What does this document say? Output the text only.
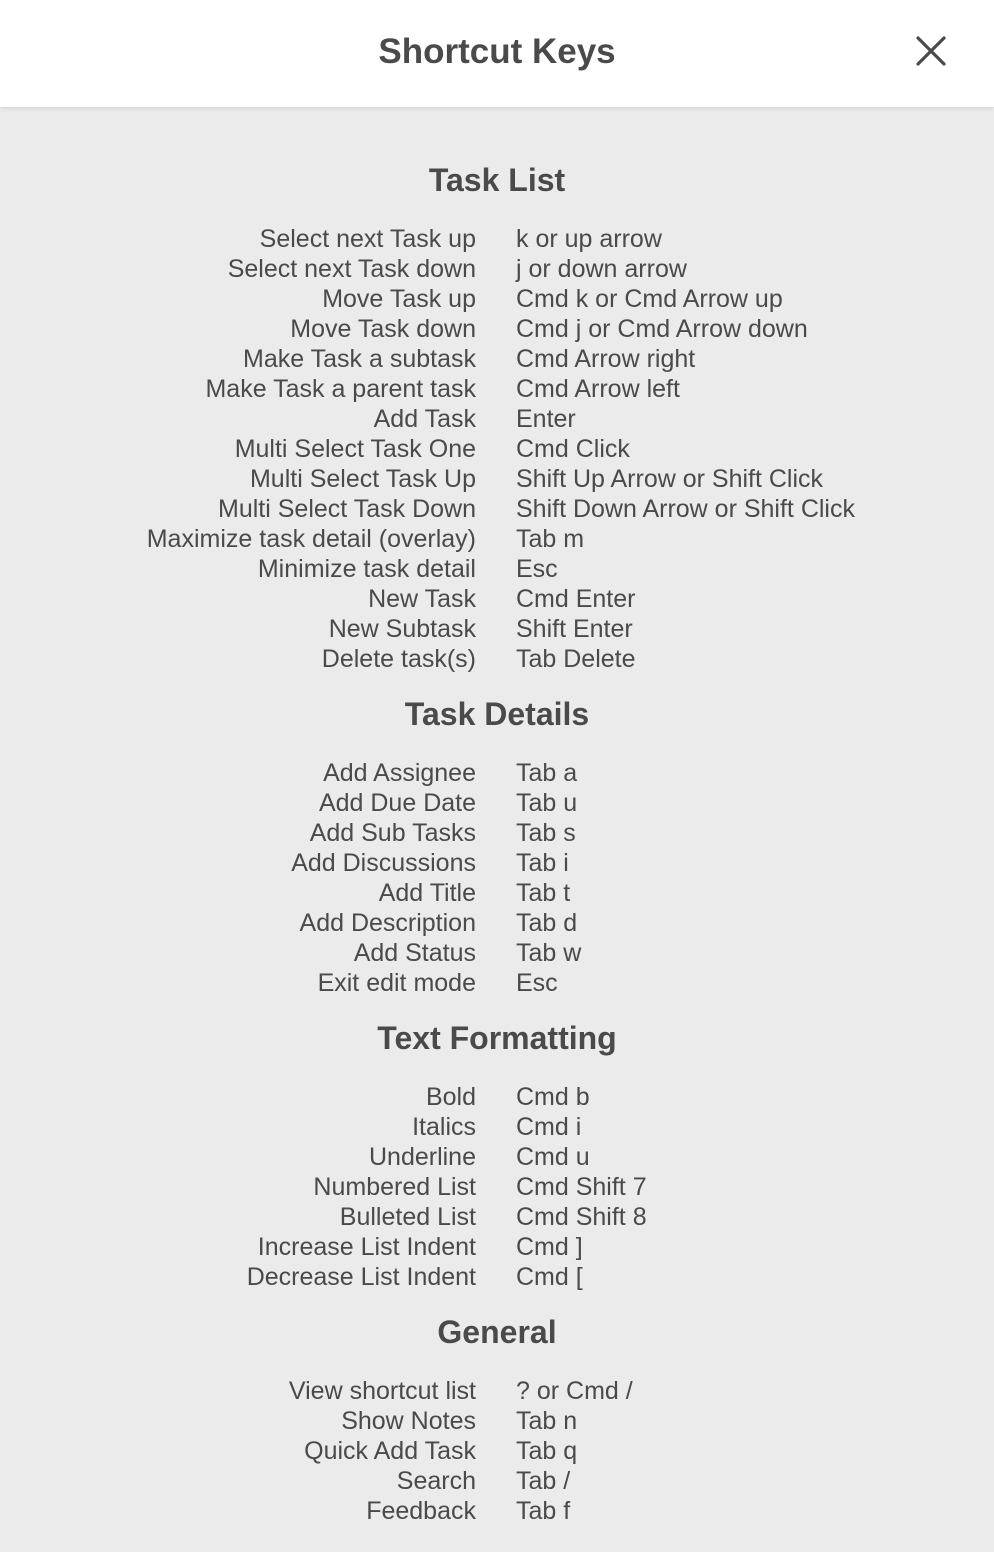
Shortcut Keys
Task List
Select next Task up k or up arrow
Select next Task down j or down arrow
Move Task up Cmd k or Cmd Arrow up
Move Task down Cmd j or Cmd Arrow down
Make Task a subtask Cmd Arrow right
Make Task a parent task Cmd Arrow left
Add Task Enter
Multi Select Task One Cmd Click
Multi Select Task Up Shift Up Arrow or Shift Click
Multi Select Task Down Shift Down Arrow or Shift Click
Maximize task detail (overlay) Tab m
Minimize task detail Esc
New Task Cmd Enter
New Subtask Shift Enter
Delete task(s) Tab Delete
Task Details
Add Assignee Tab a
Add Due Date Tab u
Add Sub Tasks Tab s
Add Discussions Tab i
Add Title Tab t
Add Description Tab d
Add Status Tab w
Exit edit mode Esc
Text Formatting
Bold Cmd b
Italics Cmd i
Underline Cmd u
Numbered List Cmd Shift 7
Bulleted List Cmd Shift 8
Increase List Indent Cmd ]
Decrease List Indent Cmd [
General
View shortcut list ? or Cmd /
Show Notes Tab n
Quick Add Task Tab q
Search Tab /
Feedback Tab f
